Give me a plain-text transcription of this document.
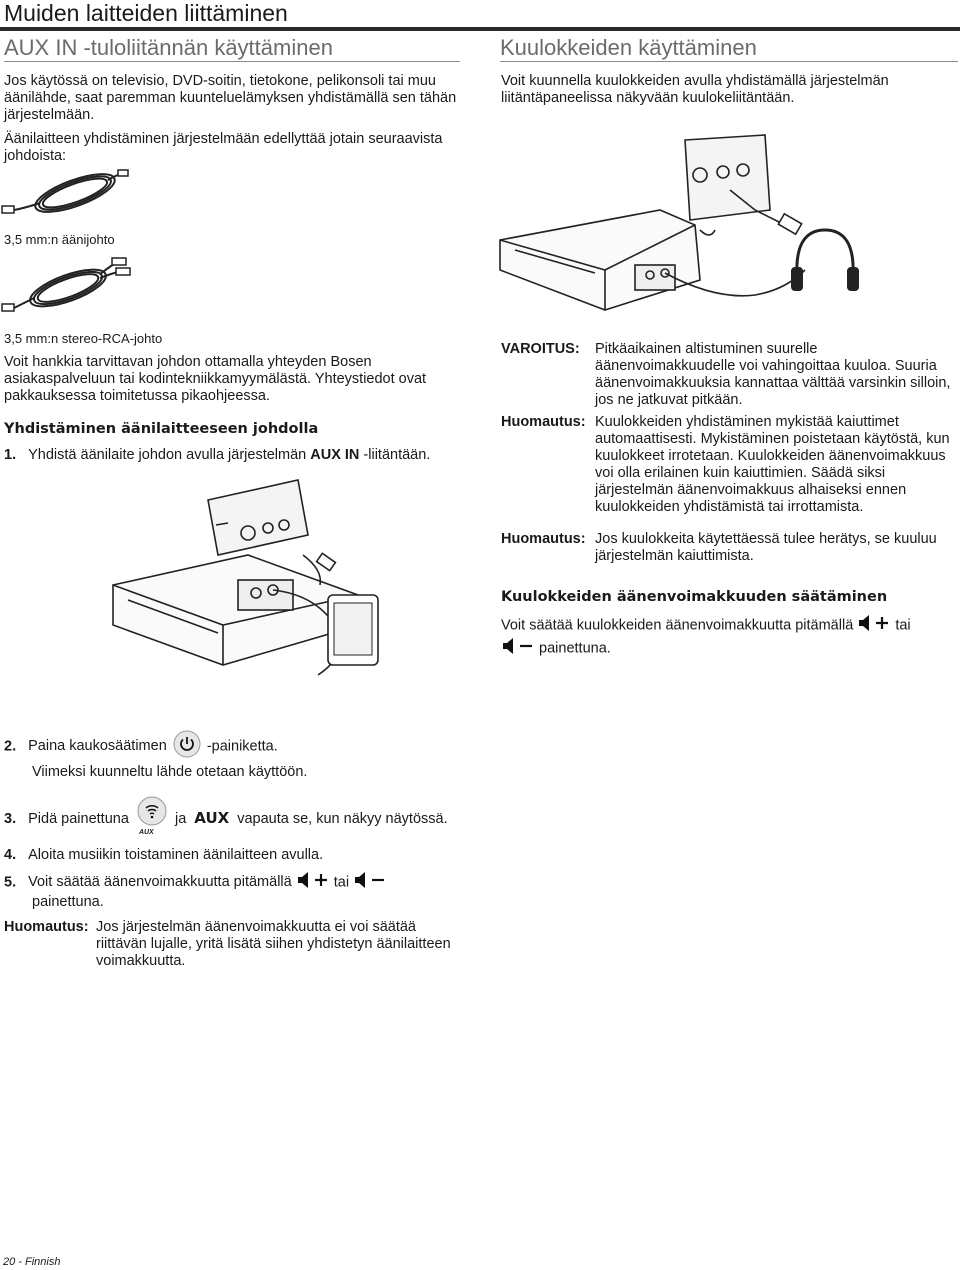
Muiden laitteiden liittäminen
AUX IN -tuloliitännän käyttäminen
Jos käytössä on televisio, DVD-soitin, tietokone, pelikonsoli tai muu äänilähde, saat paremman kuunteluelämyksen yhdistämällä sen tähän järjestelmään.
Äänilaitteen yhdistäminen järjestelmään edellyttää jotain seuraavista johdoista:
3,5 mm:n äänijohto
3,5 mm:n stereo-RCA-johto
Voit hankkia tarvittavan johdon ottamalla yhteyden Bosen asiakaspalveluun tai kodintekniikkamyymälästä. Yhteystiedot ovat pakkauksessa toimitetussa pikaohjeessa.
Yhdistäminen äänilaitteeseen johdolla
1. Yhdistä äänilaite johdon avulla järjestelmän AUX IN -liitäntään.
Kuulokkeiden käyttäminen
Voit kuunnella kuulokkeiden avulla yhdistämällä järjestelmän liitäntäpaneelissa näkyvään kuulokeliitäntään.
VAROITUS:	Pitkäaikainen altistuminen suurelle äänenvoimakkuudelle voi vahingoittaa kuuloa. Suuria äänenvoimakkuuksia kannattaa välttää varsinkin silloin, jos ne jatkuvat pitkään.
Huomautus: Kuulokkeiden yhdistäminen mykistää kaiuttimet automaattisesti. Mykistäminen poistetaan käytöstä, kun kuulokkeet irrotetaan. Kuulokkeiden äänenvoimakkuus voi olla erilainen kuin kaiuttimien. Säädä siksi järjestelmän äänenvoimakkuus alhaiseksi ennen kuulokkeiden yhdistämistä tai irrottamista.
Huomautus: Jos kuulokkeita käytettäessä tulee herätys, se kuuluu järjestelmän kaiuttimista.
Kuulokkeiden äänenvoimakkuuden säätäminen
Voit säätää kuulokkeiden äänenvoimakkuutta pitämällä	tai
painettuna.
2. Paina kaukosäätimen	-painiketta.
Viimeksi kuunneltu lähde otetaan käyttöön.
3. Pidä painettuna
AUX
ja AUX vapauta se, kun näkyy näytössä.
4. Aloita musiikin toistaminen äänilaitteen avulla.
5. Voit säätää äänenvoimakkuutta pitämällä	tai
painettuna.
Huomautus: Jos järjestelmän äänenvoimakkuutta ei voi säätää riittävän lujalle, yritä lisätä siihen yhdistetyn äänilaitteen voimakkuutta.
20 - Finnish
